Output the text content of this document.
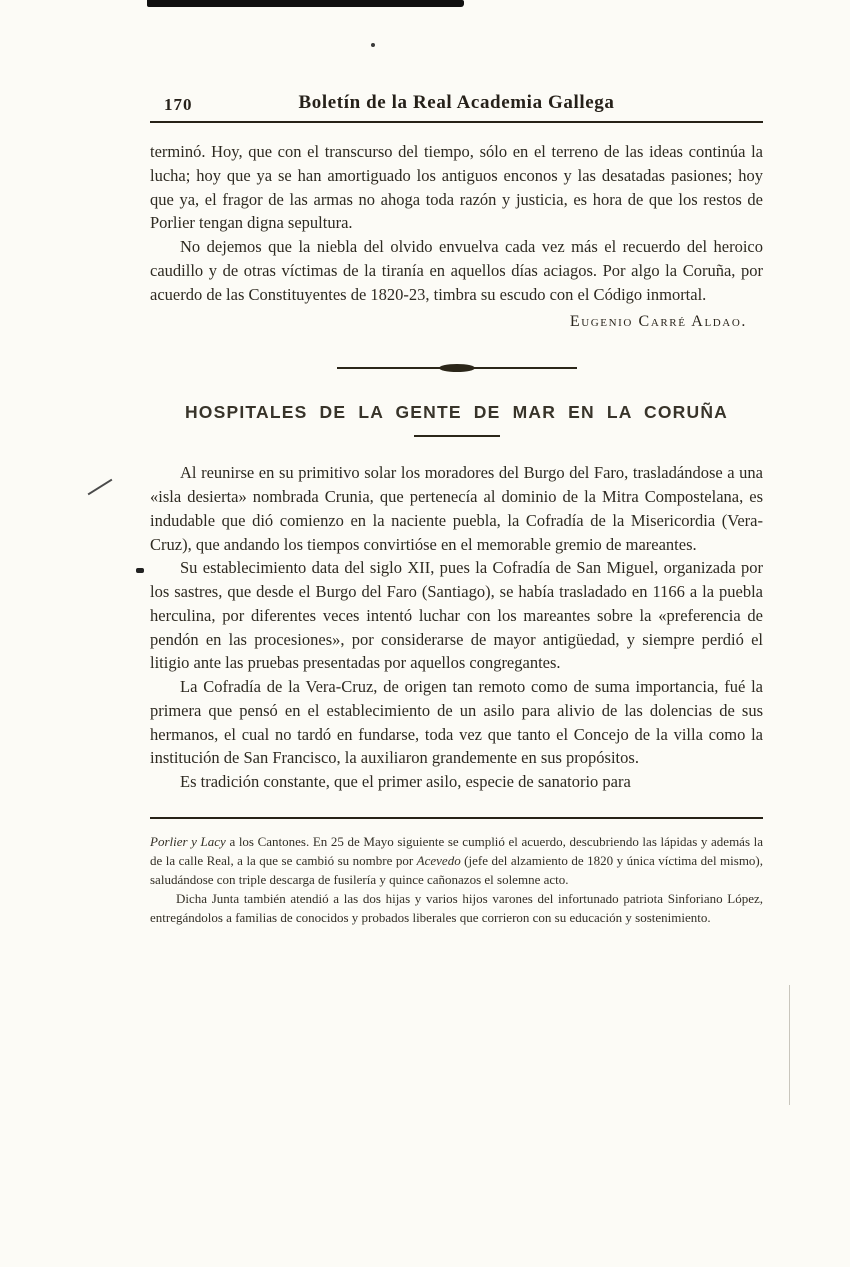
170	Boletín de la Real Academia Gallega

terminó. Hoy, que con el transcurso del tiempo, sólo en el terreno de las ideas continúa la lucha; hoy que ya se han amortiguado los antiguos enconos y las desatadas pasiones; hoy que ya, el fragor de las armas no ahoga toda razón y justicia, es hora de que los restos de Porlier tengan digna sepultura.

No dejemos que la niebla del olvido envuelva cada vez más el recuerdo del heroico caudillo y de otras víctimas de la tiranía en aquellos días aciagos. Por algo la Coruña, por acuerdo de las Constituyentes de 1820-23, timbra su escudo con el Código inmortal.

Eugenio Carré Aldao.

HOSPITALES DE LA GENTE DE MAR EN LA CORUÑA

Al reunirse en su primitivo solar los moradores del Burgo del Faro, trasladándose a una «isla desierta» nombrada Crunia, que pertenecía al dominio de la Mitra Compostelana, es indudable que dió comienzo en la naciente puebla, la Cofradía de la Misericordia (Vera-Cruz), que andando los tiempos convirtióse en el memorable gremio de mareantes.

Su establecimiento data del siglo XII, pues la Cofradía de San Miguel, organizada por los sastres, que desde el Burgo del Faro (Santiago), se había trasladado en 1166 a la puebla herculina, por diferentes veces intentó luchar con los mareantes sobre la «preferencia de pendón en las procesiones», por considerarse de mayor antigüedad, y siempre perdió el litigio ante las pruebas presentadas por aquellos congregantes.

La Cofradía de la Vera-Cruz, de origen tan remoto como de suma importancia, fué la primera que pensó en el establecimiento de un asilo para alivio de las dolencias de sus hermanos, el cual no tardó en fundarse, toda vez que tanto el Concejo de la villa como la institución de San Francisco, la auxiliaron grandemente en sus propósitos.

Es tradición constante, que el primer asilo, especie de sanatorio para

Porlier y Lacy a los Cantones. En 25 de Mayo siguiente se cumplió el acuerdo, descubriendo las lápidas y además la de la calle Real, a la que se cambió su nombre por Acevedo (jefe del alzamiento de 1820 y única víctima del mismo), saludándose con triple descarga de fusilería y quince cañonazos el solemne acto.

Dicha Junta también atendió a las dos hijas y varios hijos varones del infortunado patriota Sinforiano López, entregándolos a familias de conocidos y probados liberales que corrieron con su educación y sostenimiento.
